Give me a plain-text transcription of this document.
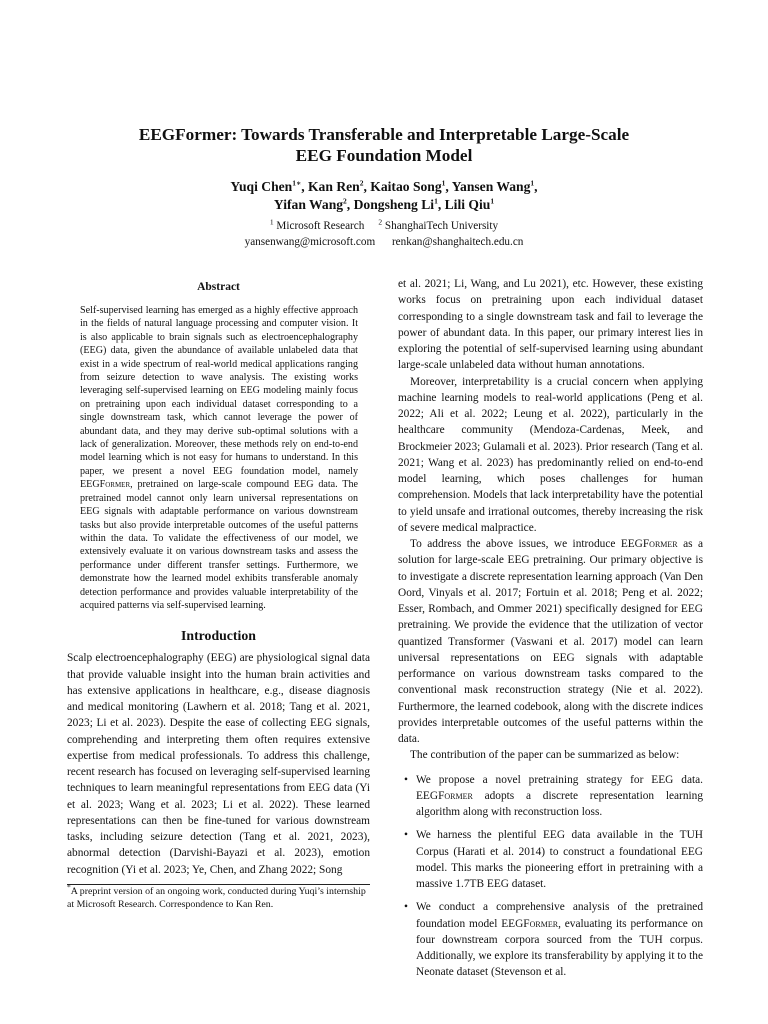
EEGFormer: Towards Transferable and Interpretable Large-Scale
EEG Foundation Model
Yuqi Chen$^{1∗}$, Kan Ren$^2$, Kaitao Song$^1$, Yansen Wang$^1$,
Yifan Wang$^2$, Dongsheng Li$^1$, Lili Qiu$^1$
$^1$ Microsoft Research $^2$ ShanghaiTech University
yansenwang@microsoft.com renkan@shanghaitech.edu.cn
Abstract

Self-supervised learning has emerged as a highly effective approach in the fields of natural language processing and computer vision. It is also applicable to brain signals such as electroencephalography (EEG) data, given the abundance of available unlabeled data that exist in a wide spectrum of real-world medical applications ranging from seizure detection to wave analysis. The existing works leveraging self-supervised learning on EEG modeling mainly focus on pretraining upon each individual dataset corresponding to a single downstream task, which cannot leverage the power of abundant data, and they may derive sub-optimal solutions with a lack of generalization. Moreover, these methods rely on end-to-end model learning which is not easy for humans to understand. In this paper, we present a novel EEG foundation model, namely EEGFormer, pretrained on large-scale compound EEG data. The pretrained model cannot only learn universal representations on EEG signals with adaptable performance on various downstream tasks but also provide interpretable outcomes of the useful patterns within the data. To validate the effectiveness of our model, we extensively evaluate it on various downstream tasks and assess the performance under different transfer settings. Furthermore, we demonstrate how the learned model exhibits transferable anomaly detection performance and provides valuable interpretability of the acquired patterns via self-supervised learning.

Introduction

Scalp electroencephalography (EEG) are physiological signal data that provide valuable insight into the human brain activities and has extensive applications in healthcare, e.g., disease diagnosis and medical monitoring (Lawhern et al. 2018; Tang et al. 2021, 2023; Li et al. 2023). Despite the ease of collecting EEG signals, comprehending and interpreting them often requires extensive expertise from medical professionals. To address this challenge, recent research has focused on leveraging self-supervised learning techniques to learn meaningful representations from EEG data (Yi et al. 2023; Wang et al. 2023; Li et al. 2022). These learned representations can then be fine-tuned for various downstream tasks, including seizure detection (Tang et al. 2021, 2023), abnormal detection (Darvishi-Bayazi et al. 2023), emotion recognition (Yi et al. 2023; Ye, Chen, and Zhang 2022; Song

*A preprint version of an ongoing work, conducted during Yuqi’s internship at Microsoft Research. Correspondence to Kan Ren.

et al. 2021; Li, Wang, and Lu 2021), etc. However, these existing works focus on pretraining upon each individual dataset corresponding to a single downstream task and fail to leverage the power of abundant data. In this paper, our primary interest lies in exploring the potential of self-supervised learning using abundant large-scale unlabeled data without human annotations.

Moreover, interpretability is a crucial concern when applying machine learning models to real-world applications (Peng et al. 2022; Ali et al. 2022; Leung et al. 2022), particularly in the healthcare community (Mendoza-Cardenas, Meek, and Brockmeier 2023; Gulamali et al. 2023). Prior research (Tang et al. 2021; Wang et al. 2023) has predominantly relied on end-to-end model learning, which poses challenges for human comprehension. Models that lack interpretability have the potential to yield unsafe and irrational outcomes, thereby increasing the risk of severe medical malpractice.

To address the above issues, we introduce EEGFormer as a solution for large-scale EEG pretraining. Our primary objective is to investigate a discrete representation learning approach (Van Den Oord, Vinyals et al. 2017; Fortuin et al. 2018; Peng et al. 2022; Esser, Rombach, and Ommer 2021) specifically designed for EEG pretraining. We provide the evidence that the utilization of vector quantized Transformer (Vaswani et al. 2017) model can learn universal representations on EEG signals with adaptable performance on various downstream tasks compared to the conventional mask reconstruction strategy (Nie et al. 2022). Furthermore, the learned codebook, along with the discrete indices provides interpretable outcomes of the useful patterns within the data.

The contribution of the paper can be summarized as below:

• We propose a novel pretraining strategy for EEG data. EEGFormer adopts a discrete representation learning algorithm along with reconstruction loss.
• We harness the plentiful EEG data available in the TUH Corpus (Harati et al. 2014) to construct a foundational EEG model. This marks the pioneering effort in pretraining with a massive 1.7TB EEG dataset.
• We conduct a comprehensive analysis of the pretrained foundation model EEGFormer, evaluating its performance on four downstream corpora sourced from the TUH corpus. Additionally, we explore its transferability by applying it to the Neonate dataset (Stevenson et al.
